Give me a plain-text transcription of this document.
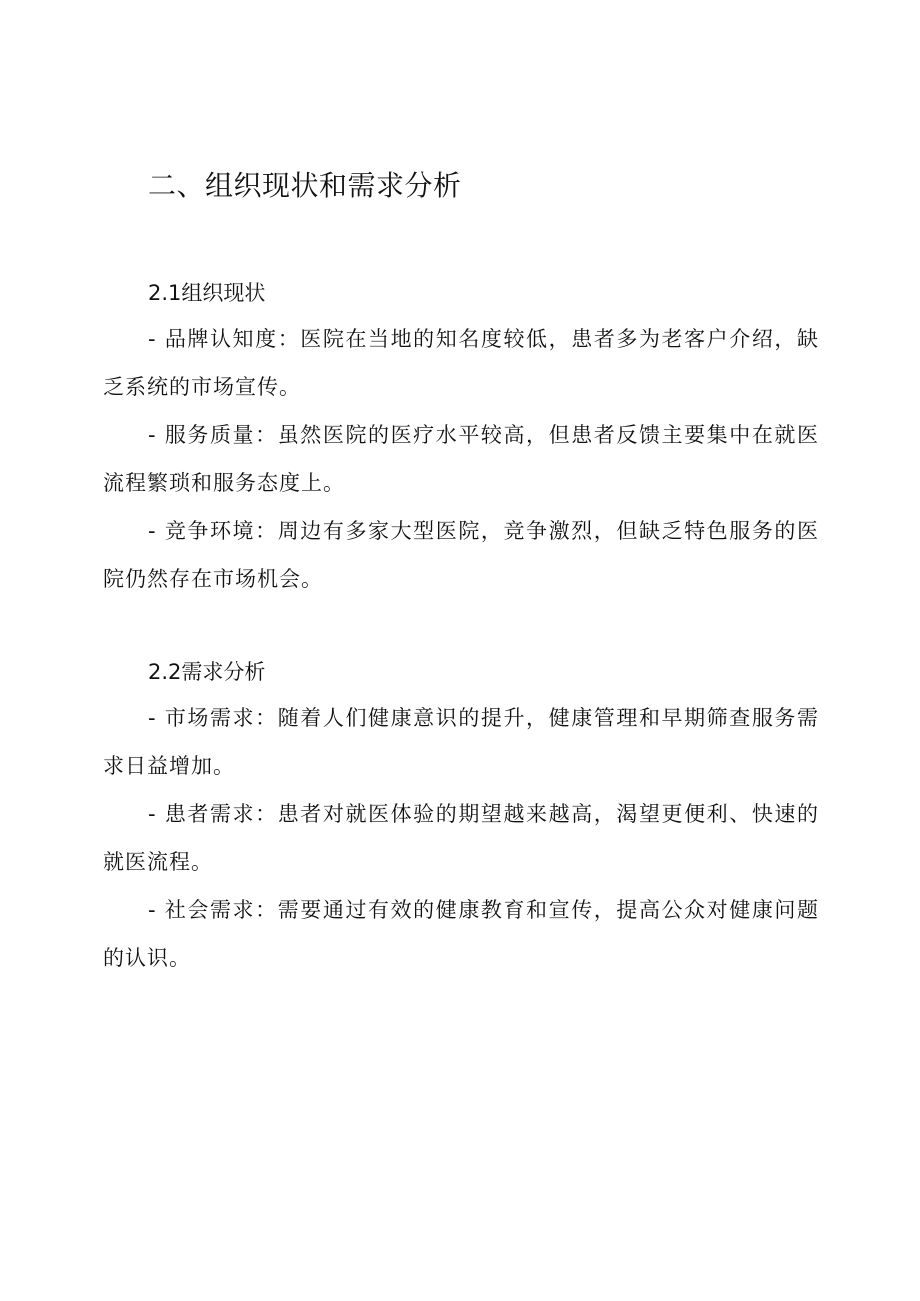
二、组织现状和需求分析
2.1组织现状

- 品牌认知度：医院在当地的知名度较低，患者多为老客户介绍，缺乏系统的市场宣传。

- 服务质量：虽然医院的医疗水平较高，但患者反馈主要集中在就医流程繁琐和服务态度上。

- 竞争环境：周边有多家大型医院，竞争激烈，但缺乏特色服务的医院仍然存在市场机会。

2.2需求分析

- 市场需求：随着人们健康意识的提升，健康管理和早期筛查服务需求日益增加。

- 患者需求：患者对就医体验的期望越来越高，渴望更便利、快速的就医流程。

- 社会需求：需要通过有效的健康教育和宣传，提高公众对健康问题的认识。
